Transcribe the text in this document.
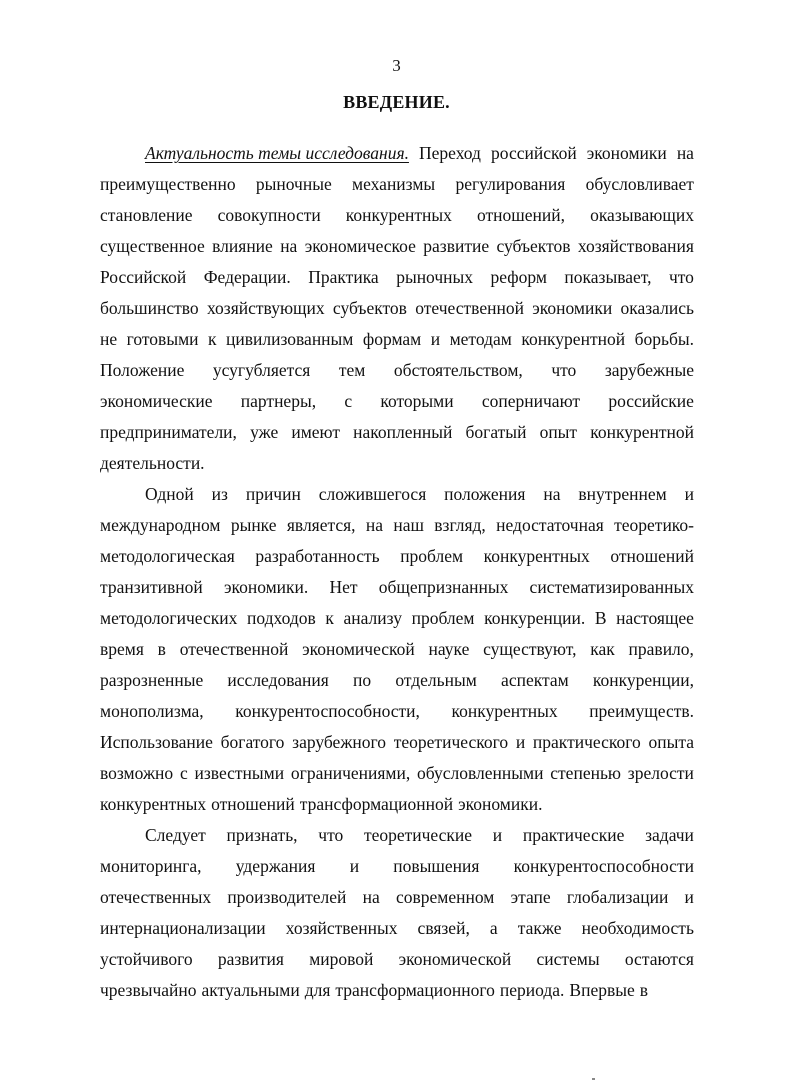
3
ВВЕДЕНИЕ.
Актуальность темы исследования. Переход российской экономики на
преимущественно рыночные механизмы регулирования обусловливает
становление совокупности конкурентных отношений, оказывающих
существенное влияние на экономическое развитие субъектов хозяйствования
Российской Федерации. Практика рыночных реформ показывает, что
большинство хозяйствующих субъектов отечественной экономики оказались
не готовыми к цивилизованным формам и методам конкурентной борьбы.
Положение усугубляется тем обстоятельством, что зарубежные
экономические партнеры, с которыми соперничают российские
предприниматели, уже имеют накопленный богатый опыт конкурентной
деятельности.
Одной из причин сложившегося положения на внутреннем и
международном рынке является, на наш взгляд, недостаточная теоретико-
методологическая разработанность проблем конкурентных отношений
транзитивной экономики. Нет общепризнанных систематизированных
методологических подходов к анализу проблем конкуренции. В настоящее
время в отечественной экономической науке существуют, как правило,
разрозненные исследования по отдельным аспектам конкуренции,
монополизма, конкурентоспособности, конкурентных преимуществ.
Использование богатого зарубежного теоретического и практического опыта
возможно с известными ограничениями, обусловленными степенью зрелости
конкурентных отношений трансформационной экономики.
Следует признать, что теоретические и практические задачи
мониторинга, удержания и повышения конкурентоспособности
отечественных производителей на современном этапе глобализации и
интернационализации хозяйственных связей, а также необходимость
устойчивого развития мировой экономической системы остаются
чрезвычайно актуальными для трансформационного периода. Впервые в
